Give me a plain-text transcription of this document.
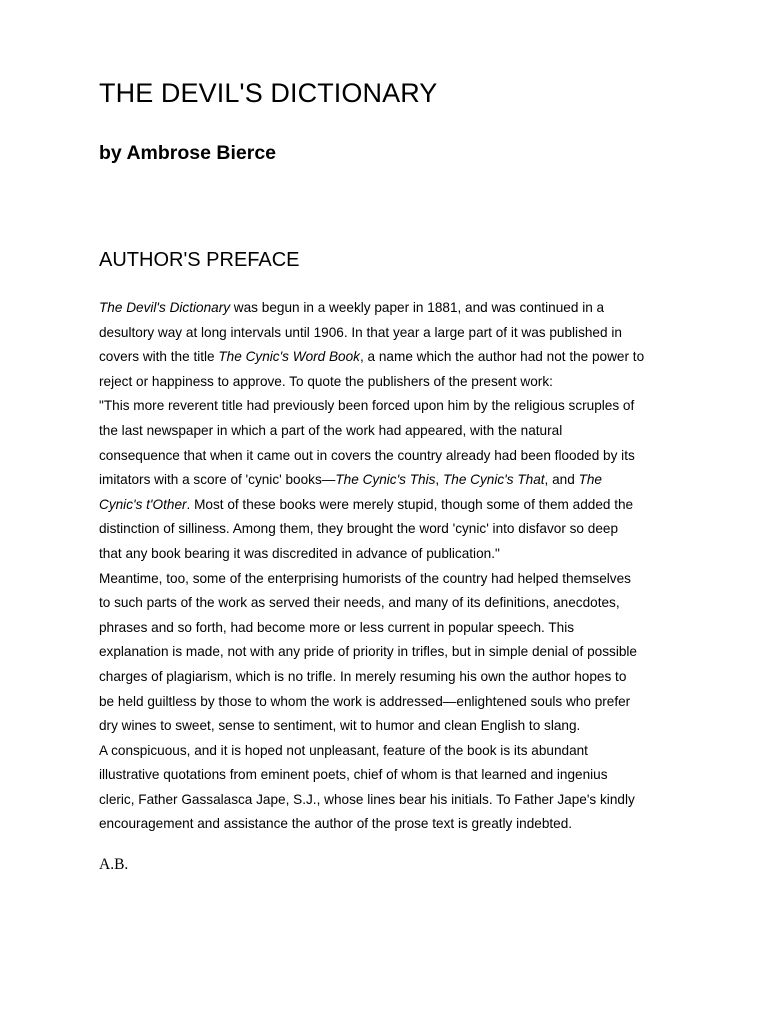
THE DEVIL'S DICTIONARY
by Ambrose Bierce
AUTHOR'S PREFACE
The Devil's Dictionary was begun in a weekly paper in 1881, and was continued in a
desultory way at long intervals until 1906. In that year a large part of it was published in
covers with the title The Cynic's Word Book, a name which the author had not the power to
reject or happiness to approve. To quote the publishers of the present work:
"This more reverent title had previously been forced upon him by the religious scruples of
the last newspaper in which a part of the work had appeared, with the natural
consequence that when it came out in covers the country already had been flooded by its
imitators with a score of 'cynic' books—The Cynic's This, The Cynic's That, and The
Cynic's t'Other. Most of these books were merely stupid, though some of them added the
distinction of silliness. Among them, they brought the word 'cynic' into disfavor so deep
that any book bearing it was discredited in advance of publication."
Meantime, too, some of the enterprising humorists of the country had helped themselves
to such parts of the work as served their needs, and many of its definitions, anecdotes,
phrases and so forth, had become more or less current in popular speech. This
explanation is made, not with any pride of priority in trifles, but in simple denial of possible
charges of plagiarism, which is no trifle. In merely resuming his own the author hopes to
be held guiltless by those to whom the work is addressed—enlightened souls who prefer
dry wines to sweet, sense to sentiment, wit to humor and clean English to slang.
A conspicuous, and it is hoped not unpleasant, feature of the book is its abundant
illustrative quotations from eminent poets, chief of whom is that learned and ingenius
cleric, Father Gassalasca Jape, S.J., whose lines bear his initials. To Father Jape's kindly
encouragement and assistance the author of the prose text is greatly indebted.
A.B.
